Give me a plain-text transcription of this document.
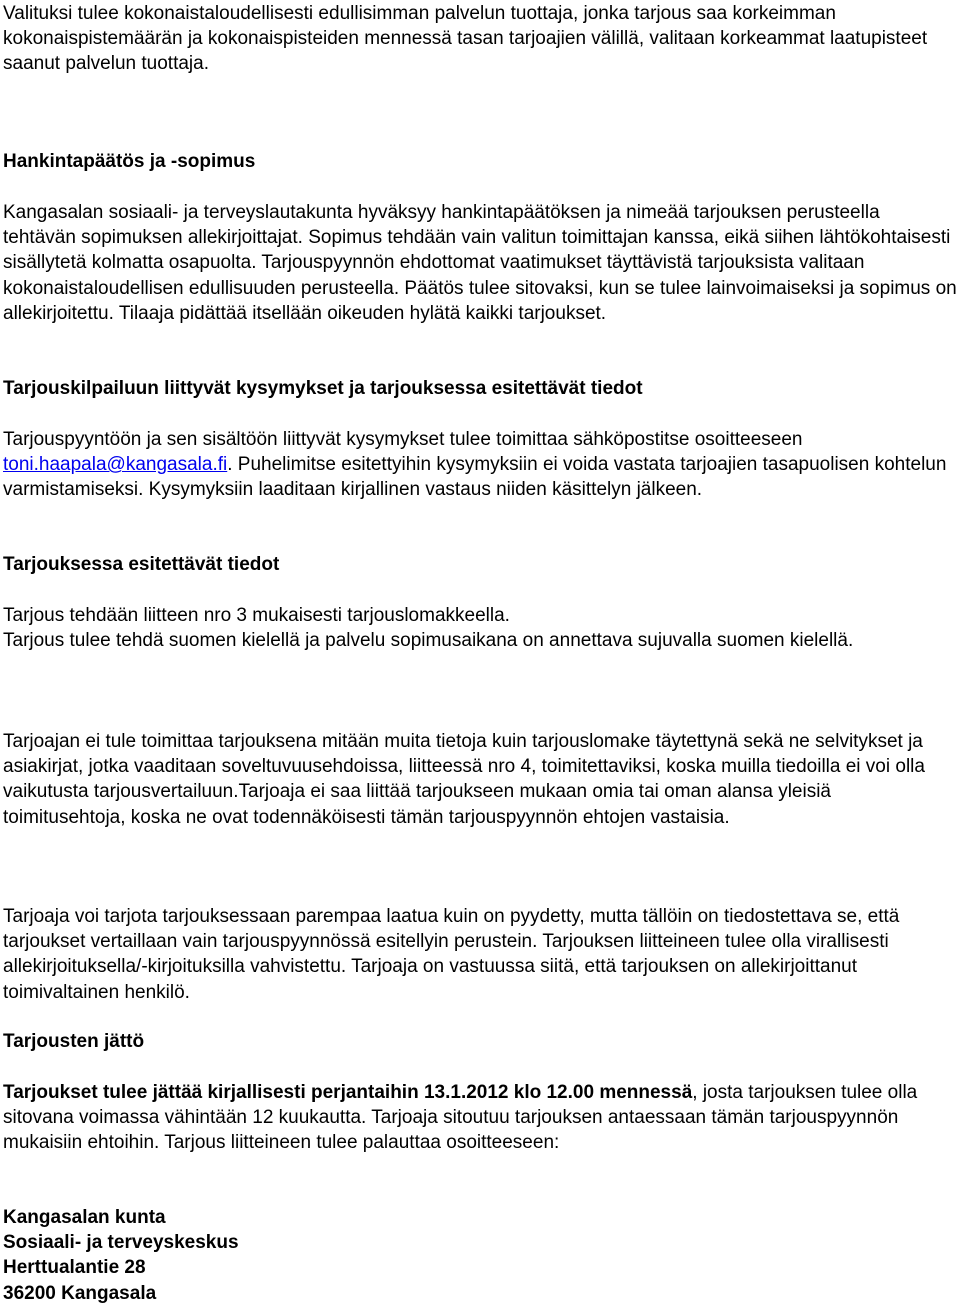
Valituksi tulee kokonaistaloudellisesti edullisimman palvelun tuottaja, jonka tarjous saa korkeimman kokonaispistemäärän ja kokonaispisteiden mennessä tasan tarjoajien välillä, valitaan korkeammat laatupisteet saanut palvelun tuottaja.

Hankintapäätös ja -sopimus

Kangasalan sosiaali- ja terveyslautakunta hyväksyy hankintapäätöksen ja nimeää tarjouksen perusteella tehtävän sopimuksen allekirjoittajat. Sopimus tehdään vain valitun toimittajan kanssa, eikä siihen lähtökohtaisesti sisällytetä kolmatta osapuolta. Tarjouspyynnön ehdottomat vaatimukset täyttävistä tarjouksista valitaan kokonaistaloudellisen edullisuuden perusteella. Päätös tulee sitovaksi, kun se tulee lainvoimaiseksi ja sopimus on allekirjoitettu. Tilaaja pidättää itsellään oikeuden hylätä kaikki tarjoukset.

Tarjouskilpailuun liittyvät kysymykset ja tarjouksessa esitettävät tiedot

Tarjouspyyntöön ja sen sisältöön liittyvät kysymykset tulee toimittaa sähköpostitse osoitteeseen toni.haapala@kangasala.fi. Puhelimitse esitettyihin kysymyksiin ei voida vastata tarjoajien tasapuolisen kohtelun varmistamiseksi. Kysymyksiin laaditaan kirjallinen vastaus niiden käsittelyn jälkeen.

Tarjouksessa esitettävät tiedot

Tarjous tehdään liitteen nro 3 mukaisesti tarjouslomakkeella.

Tarjous tulee tehdä suomen kielellä ja palvelu sopimusaikana on annettava sujuvalla suomen kielellä.

Tarjoajan ei tule toimittaa tarjouksena mitään muita tietoja kuin tarjouslomake täytettynä sekä ne selvitykset ja asiakirjat, jotka vaaditaan soveltuvuusehdoissa, liitteessä nro 4, toimitettaviksi, koska muilla tiedoilla ei voi olla vaikutusta tarjousvertailuun.Tarjoaja ei saa liittää tarjoukseen mukaan omia tai oman alansa yleisiä toimitusehtoja, koska ne ovat todennäköisesti tämän tarjouspyynnön ehtojen vastaisia.

Tarjoaja voi tarjota tarjouksessaan parempaa laatua kuin on pyydetty, mutta tällöin on tiedostettava se, että tarjoukset vertaillaan vain tarjouspyynnössä esitellyin perustein. Tarjouksen liitteineen tulee olla virallisesti allekirjoituksella/-kirjoituksilla vahvistettu. Tarjoaja on vastuussa siitä, että tarjouksen on allekirjoittanut toimivaltainen henkilö.

Tarjousten jättö

Tarjoukset tulee jättää kirjallisesti perjantaihin 13.1.2012 klo 12.00 mennessä, josta tarjouksen tulee olla sitovana voimassa vähintään 12 kuukautta. Tarjoaja sitoutuu tarjouksen antaessaan tämän tarjouspyynnön mukaisiin ehtoihin. Tarjous liitteineen tulee palauttaa osoitteeseen:

Kangasalan kunta

Sosiaali- ja terveyskeskus

Herttualantie 28

36200 Kangasala
